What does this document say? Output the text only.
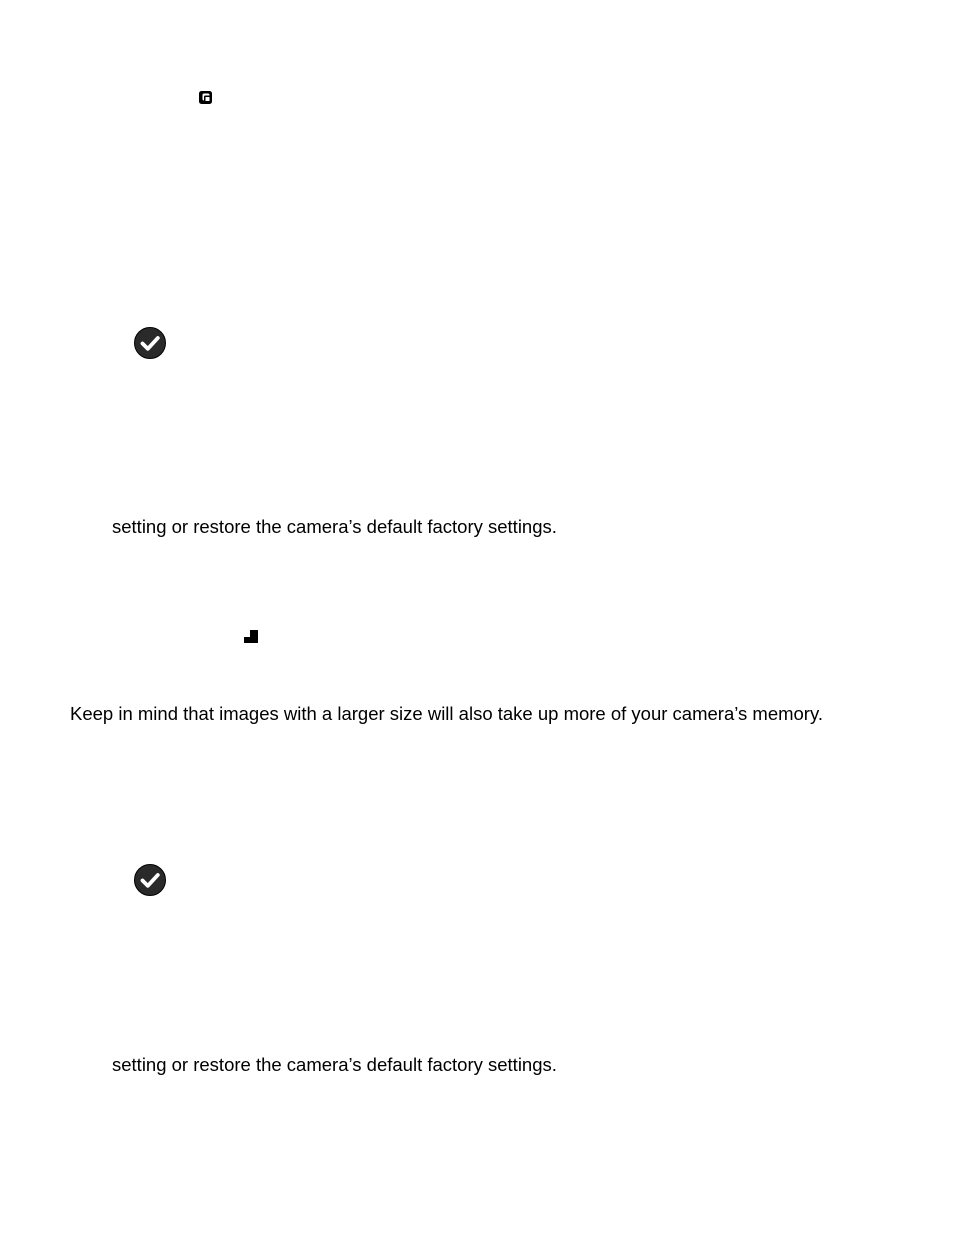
setting or restore the camera’s default factory settings.
Keep in mind that images with a larger size will also take up more of your camera’s memory.
setting or restore the camera’s default factory settings.
